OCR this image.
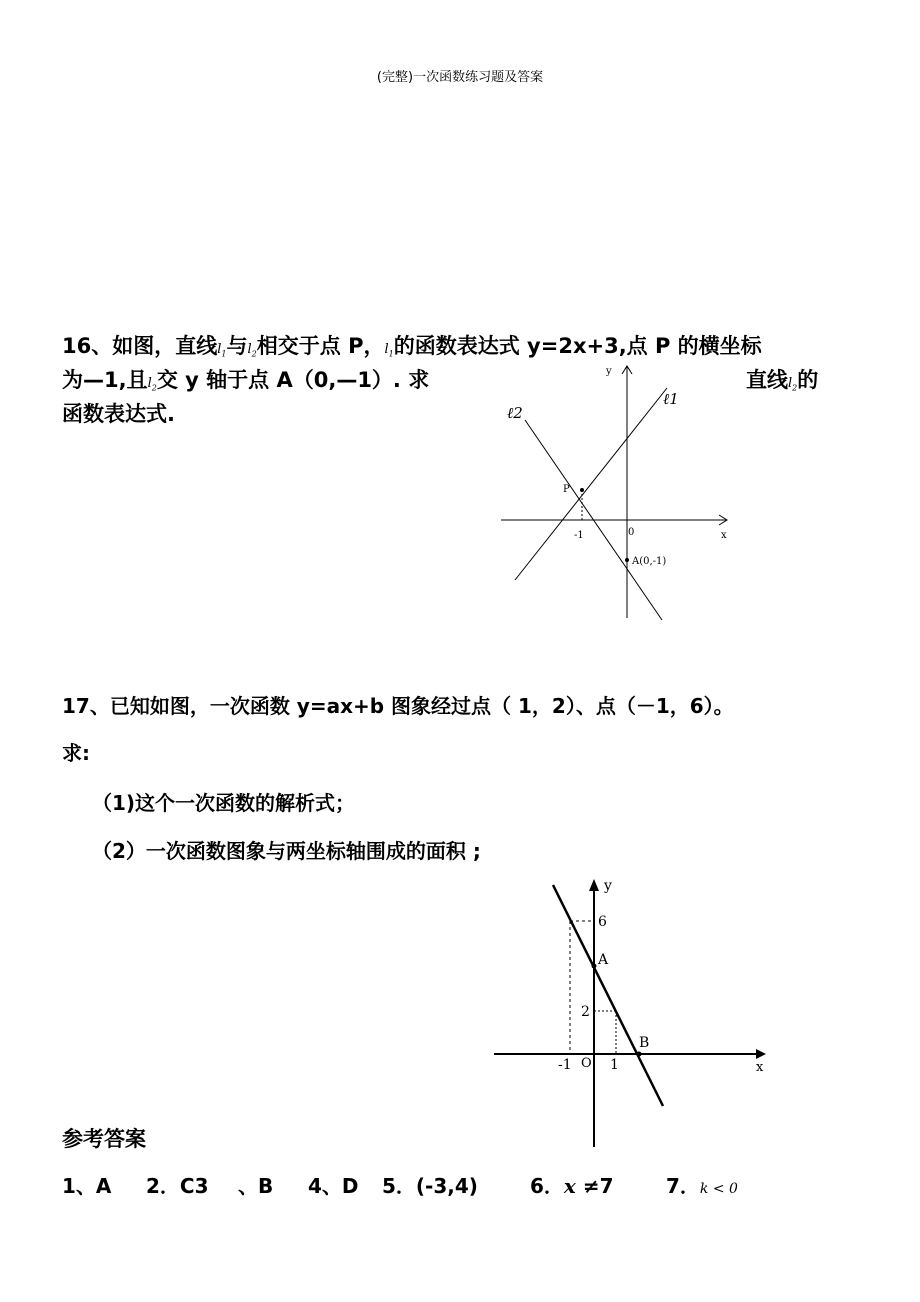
(完整)一次函数练习题及答案
16、如图，直线$l_1$与$l_2$相交于点 P，$l_1$的函数表达式 y=2x+3,点 P 的横坐标
为—1,且$l_2$交 y 轴于点 A（0,—1）. 求	直线$l_2$的
函数表达式.
y
x
0
-1
P
A(0,-1)
ℓ1
ℓ2
17、已知如图，一次函数 y=ax+b 图象经过点（ 1，2）、点（－1，6）。
求:
（1)这个一次函数的解析式；
（2）一次函数图象与两坐标轴围成的面积 ;
y
x
6
2
A
B
-1 O 1
参考答案
1、A 2．C3 、B 4、D 5．(-3,4)	6．x ≠7	7．k < 0
